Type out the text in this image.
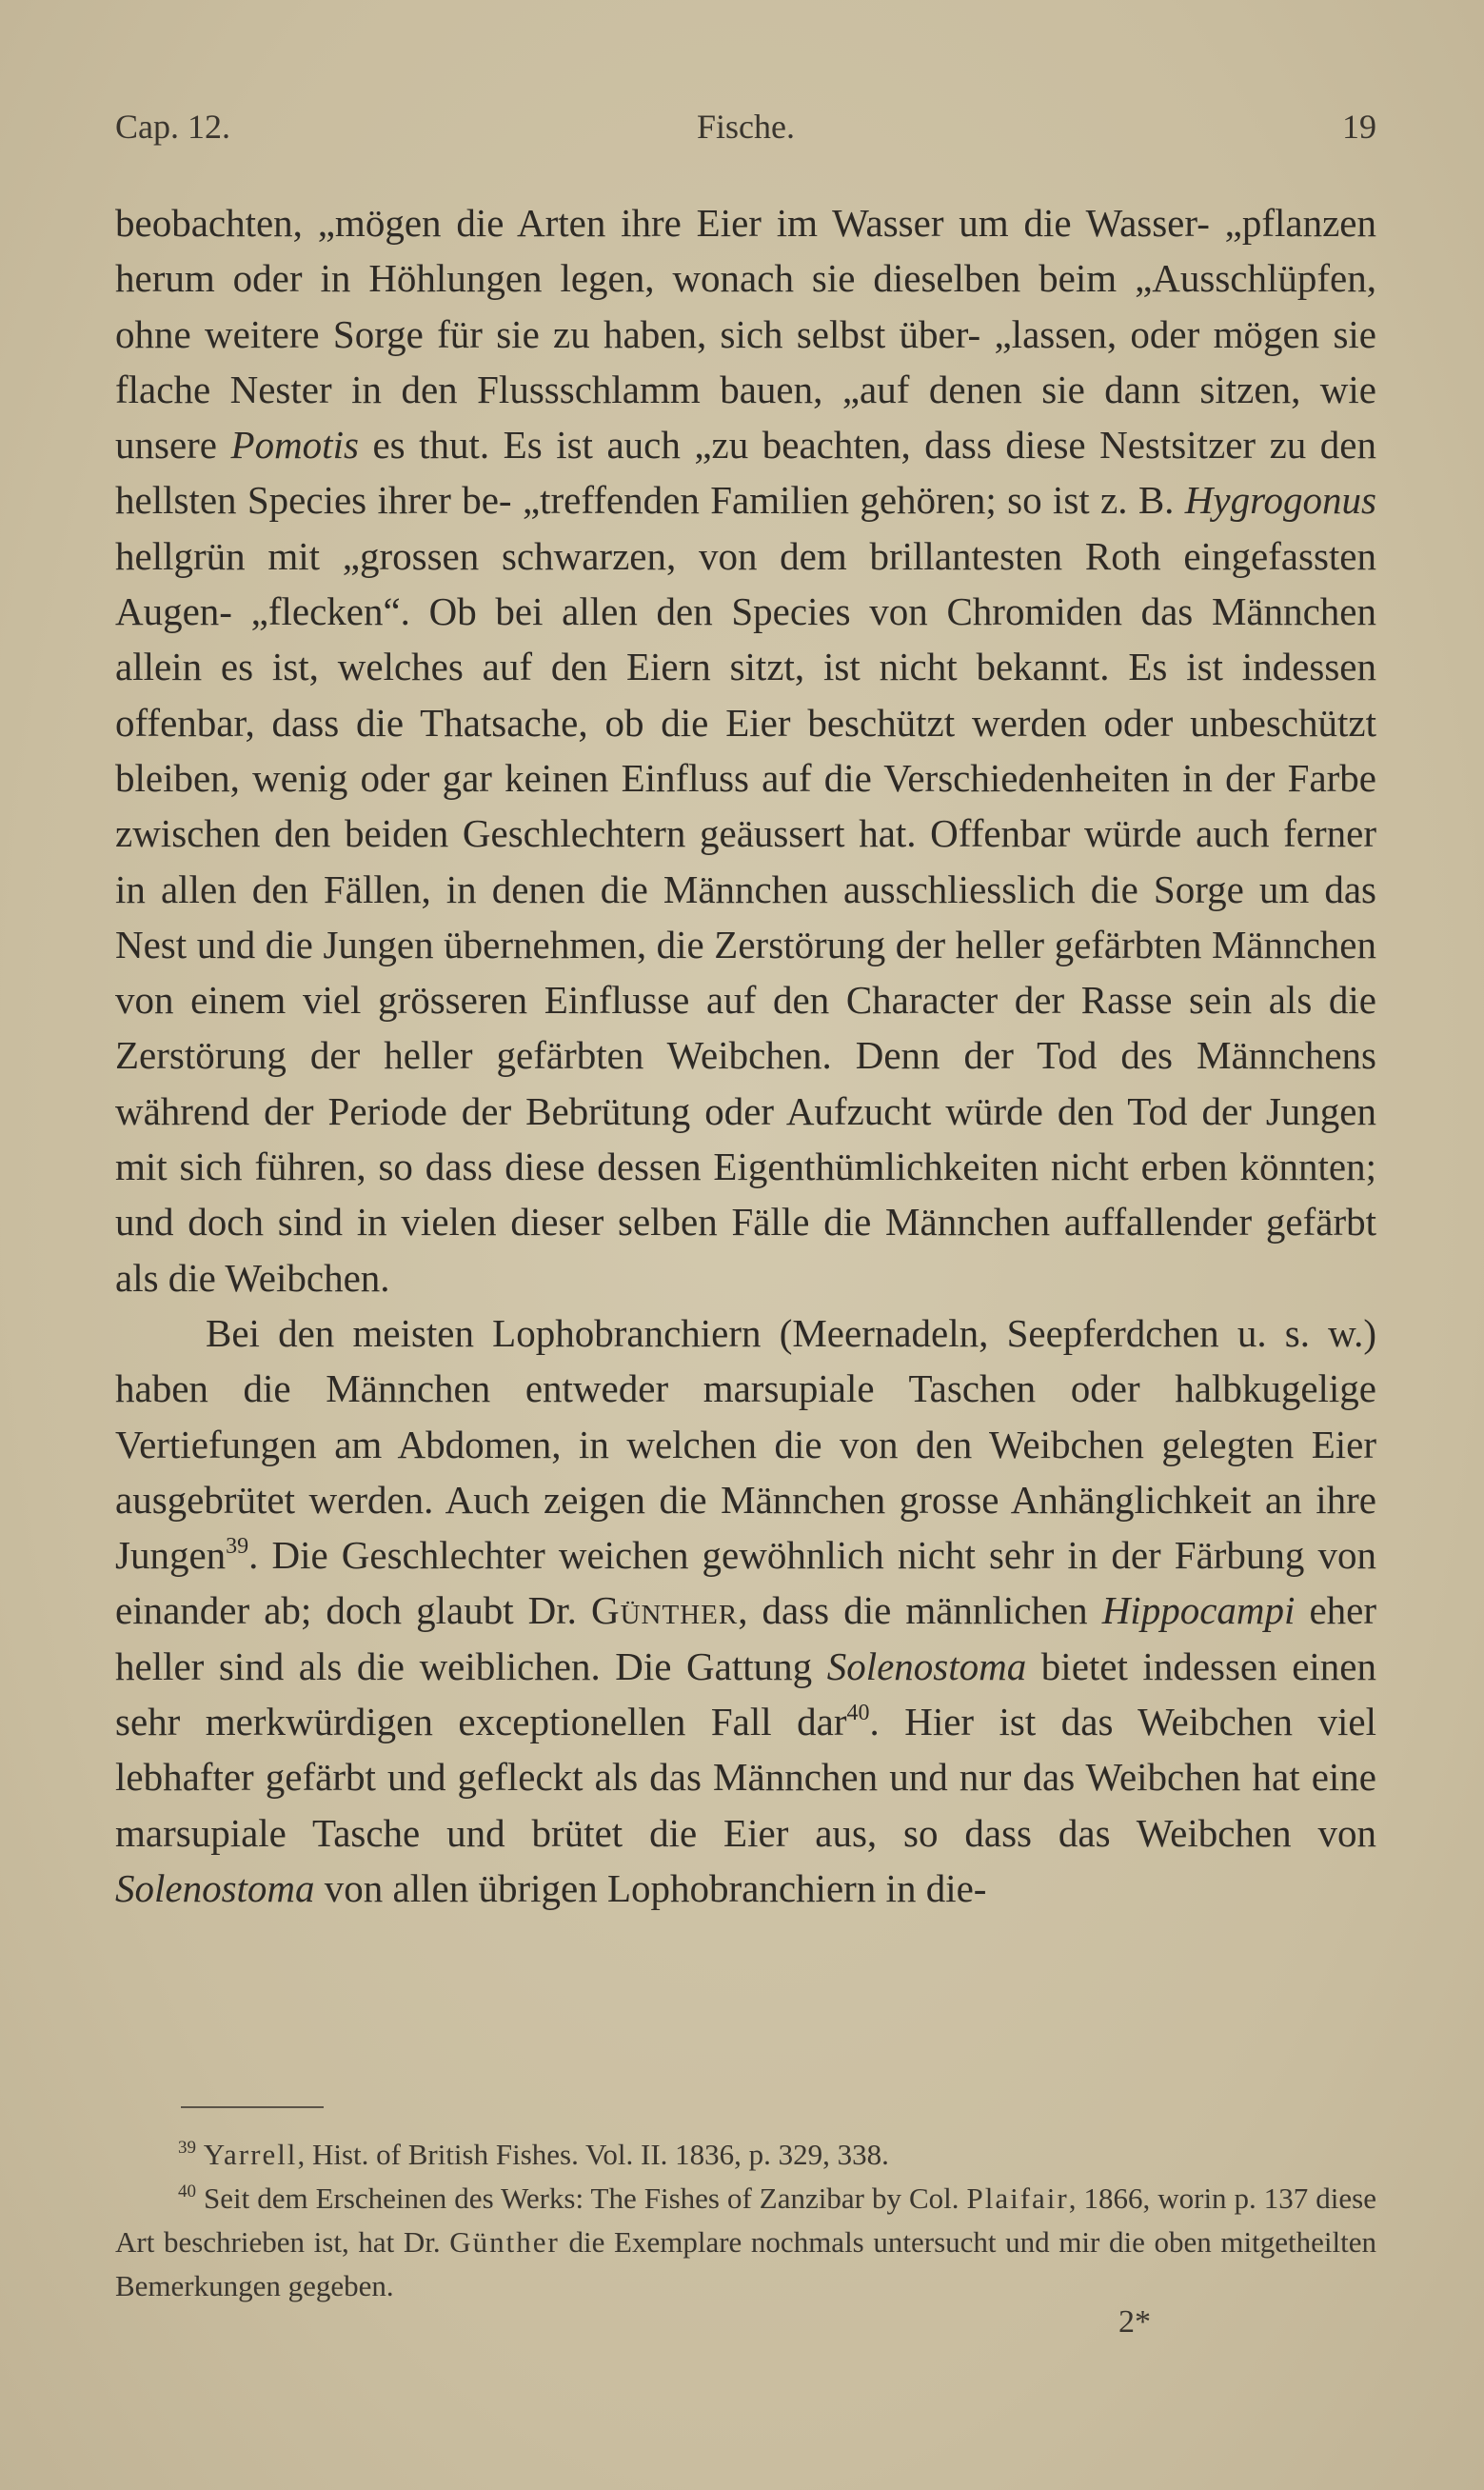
Cap. 12.	Fische.	19

beobachten, „mögen die Arten ihre Eier im Wasser um die Wasser- „pflanzen herum oder in Höhlungen legen, wonach sie dieselben beim „Ausschlüpfen, ohne weitere Sorge für sie zu haben, sich selbst über- „lassen, oder mögen sie flache Nester in den Flussschlamm bauen, „auf denen sie dann sitzen, wie unsere Pomotis es thut. Es ist auch „zu beachten, dass diese Nestsitzer zu den hellsten Species ihrer be- „treffenden Familien gehören; so ist z. B. Hygrogonus hellgrün mit „grossen schwarzen, von dem brillantesten Roth eingefassten Augen- „flecken“. Ob bei allen den Species von Chromiden das Männchen allein es ist, welches auf den Eiern sitzt, ist nicht bekannt. Es ist indessen offenbar, dass die Thatsache, ob die Eier beschützt werden oder unbeschützt bleiben, wenig oder gar keinen Einfluss auf die Verschiedenheiten in der Farbe zwischen den beiden Geschlechtern geäussert hat. Offenbar würde auch ferner in allen den Fällen, in denen die Männchen ausschliesslich die Sorge um das Nest und die Jungen übernehmen, die Zerstörung der heller gefärbten Männchen von einem viel grösseren Einflusse auf den Character der Rasse sein als die Zerstörung der heller gefärbten Weibchen. Denn der Tod des Männchens während der Periode der Bebrütung oder Aufzucht würde den Tod der Jungen mit sich führen, so dass diese dessen Eigenthümlichkeiten nicht erben könnten; und doch sind in vielen dieser selben Fälle die Männchen auffallender gefärbt als die Weibchen.

Bei den meisten Lophobranchiern (Meernadeln, Seepferdchen u. s. w.) haben die Männchen entweder marsupiale Taschen oder halbkugelige Vertiefungen am Abdomen, in welchen die von den Weibchen gelegten Eier ausgebrütet werden. Auch zeigen die Männchen grosse Anhänglichkeit an ihre Jungen$^{39}$. Die Geschlechter weichen gewöhnlich nicht sehr in der Färbung von einander ab; doch glaubt Dr. Günther, dass die männlichen Hippocampi eher heller sind als die weiblichen. Die Gattung Solenostoma bietet indessen einen sehr merkwürdigen exceptionellen Fall dar$^{40}$. Hier ist das Weibchen viel lebhafter gefärbt und gefleckt als das Männchen und nur das Weibchen hat eine marsupiale Tasche und brütet die Eier aus, so dass das Weibchen von Solenostoma von allen übrigen Lophobranchiern in die-

$^{39}$ Yarrell, Hist. of British Fishes. Vol. II. 1836, p. 329, 338.

$^{40}$ Seit dem Erscheinen des Werks: The Fishes of Zanzibar by Col. Plaifair, 1866, worin p. 137 diese Art beschrieben ist, hat Dr. Günther die Exemplare nochmals untersucht und mir die oben mitgetheilten Bemerkungen gegeben.

2*
